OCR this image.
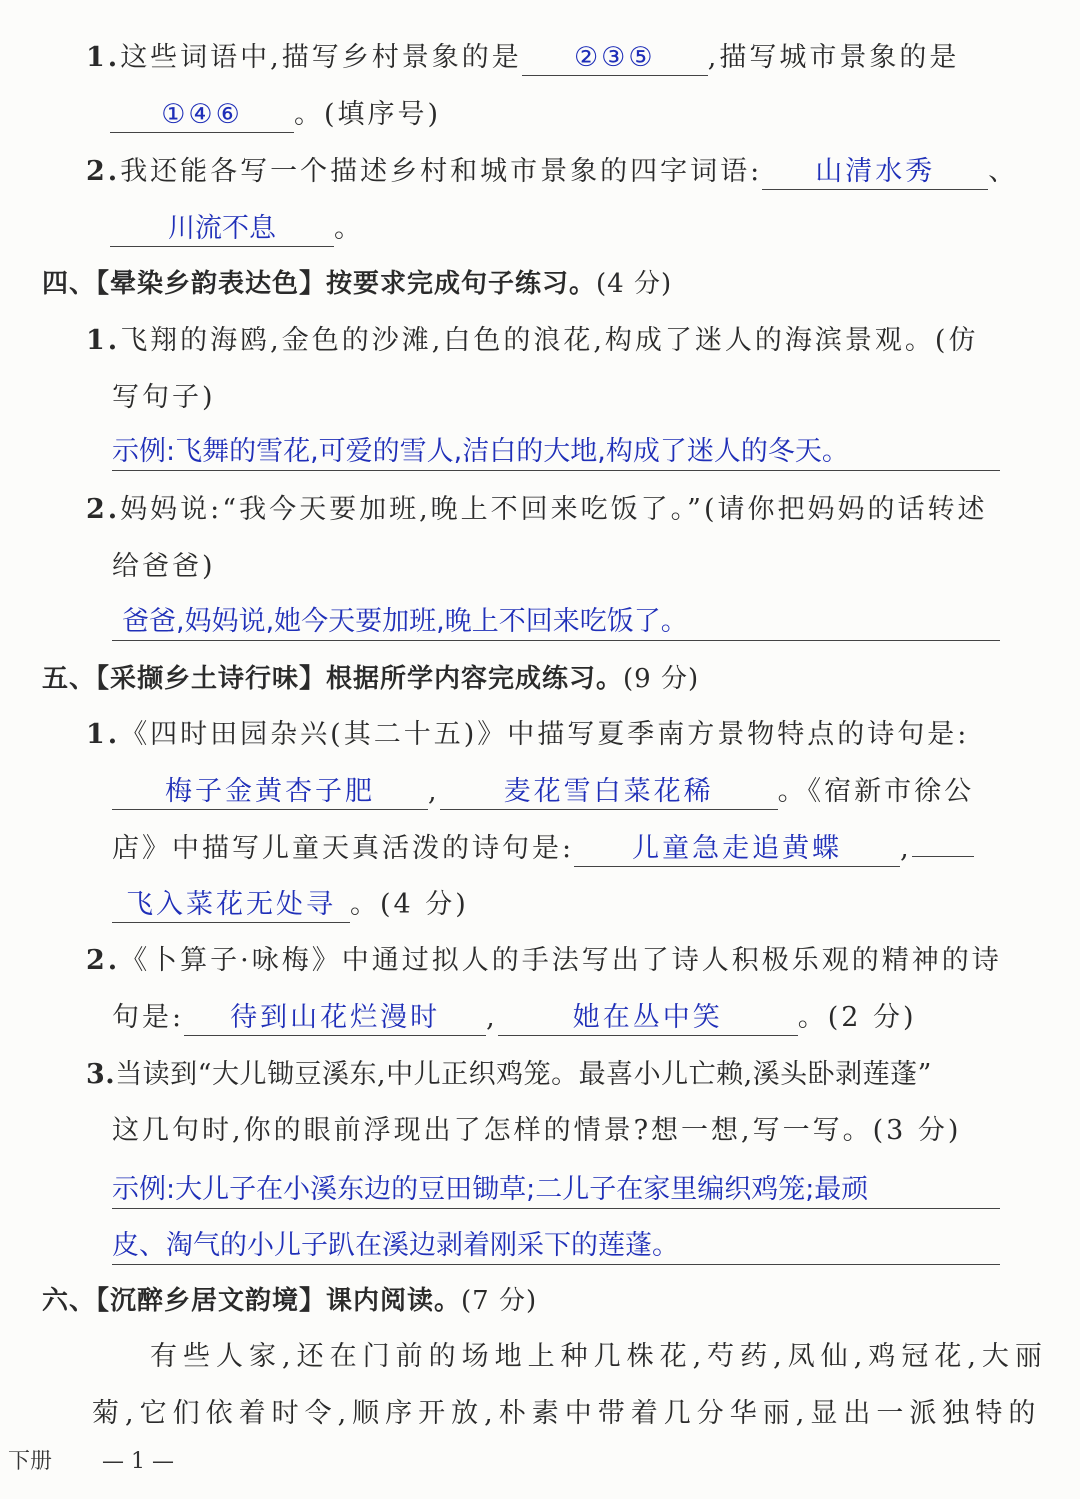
1.这些词语中,描写乡村景象的是 ②③⑤ ,描写城市景象的是
①④⑥ 。(填序号)
2.我还能各写一个描述乡村和城市景象的四字词语: 山清水秀 、
川流不息 。
四、【晕染乡韵表达色】按要求完成句子练习。(4 分)
1.飞翔的海鸥,金色的沙滩,白色的浪花,构成了迷人的海滨景观。(仿
写句子)
示例:飞舞的雪花,可爱的雪人,洁白的大地,构成了迷人的冬天。
2.妈妈说:“我今天要加班,晚上不回来吃饭了。”(请你把妈妈的话转述
给爸爸)
爸爸,妈妈说,她今天要加班,晚上不回来吃饭了。
五、【采撷乡土诗行味】根据所学内容完成练习。(9 分)
1.《四时田园杂兴(其二十五)》中描写夏季南方景物特点的诗句是:
梅子金黄杏子肥 , 麦花雪白菜花稀 。《宿新市徐公
店》中描写儿童天真活泼的诗句是: 儿童急走追黄蝶 ,
飞入菜花无处寻 。(4 分)
2.《卜算子·咏梅》中通过拟人的手法写出了诗人积极乐观的精神的诗
句是: 待到山花烂漫时 ,	她在丛中笑	。(2 分)
3.当读到“大儿锄豆溪东,中儿正织鸡笼。最喜小儿亡赖,溪头卧剥莲蓬”
这几句时,你的眼前浮现出了怎样的情景?想一想,写一写。(3 分)
示例:大儿子在小溪东边的豆田锄草;二儿子在家里编织鸡笼;最顽
皮、淘气的小儿子趴在溪边剥着刚采下的莲蓬。
六、【沉醉乡居文韵境】课内阅读。(7 分)
有些人家,还在门前的场地上种几株花,芍药,凤仙,鸡冠花,大丽
菊,它们依着时令,顺序开放,朴素中带着几分华丽,显出一派独特的
下册 — 1 —
